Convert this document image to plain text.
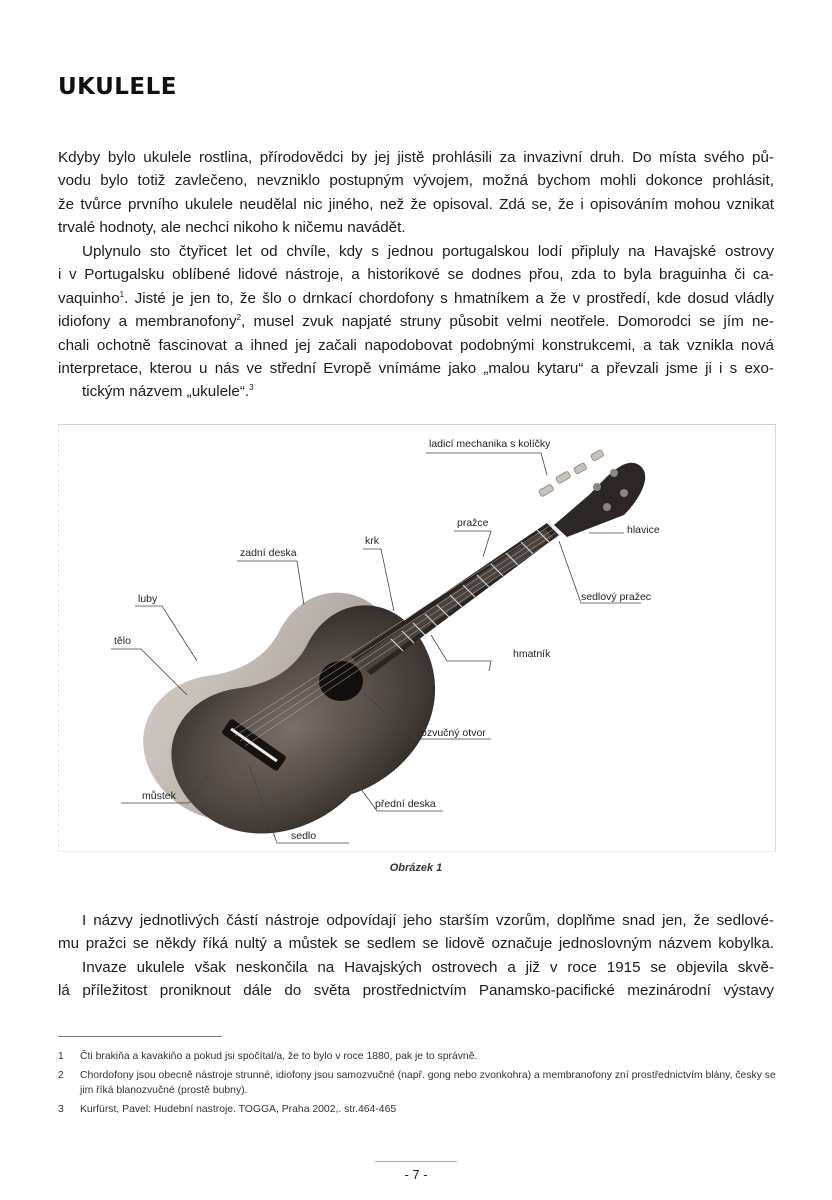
UKULELE

Kdyby bylo ukulele rostlina, přírodovědci by jej jistě prohlásili za invazivní druh. Do místa svého pů-
vodu bylo totiž zavlečeno, nevzniklo postupným vývojem, možná bychom mohli dokonce prohlásit,
že tvůrce prvního ukulele neudělal nic jiného, než že opisoval. Zdá se, že i opisováním mohou vznikat
trvalé hodnoty, ale nechci nikoho k ničemu navádět.

Uplynulo sto čtyřicet let od chvíle, kdy s jednou portugalskou lodí připluly na Havajské ostrovy
i v Portugalsku oblíbené lidové nástroje, a historikové se dodnes přou, zda to byla braguinha či ca-
vaquinho$^1$. Jisté je jen to, že šlo o drnkací chordofony s hmatníkem a že v prostředí, kde dosud vládly
idiofony a membranofony$^2$, musel zvuk napjaté struny působit velmi neotřele. Domorodci se jím ne-
chali ochotně fascinovat a ihned jej začali napodobovat podobnými konstrukcemi, a tak vznikla nová
interpretace, kterou u nás ve střední Evropě vnímáme jako „malou kytaru“ a převzali jsme ji i s exo-
tickým názvem „ukulele“.$^3$

ladicí mechanika s kolíčky
pražce
krk
hlavice
zadní deska
sedlový pražec
luby
tělo
hmatník
ozvučný otvor
můstek
přední deska
sedlo
Obrázek 1

I názvy jednotlivých částí nástroje odpovídají jeho starším vzorům, doplňme snad jen, že sedlové-
mu pražci se někdy říká nultý a můstek se sedlem se lidově označuje jednoslovným názvem kobylka.
Invaze ukulele však neskončila na Havajských ostrovech a již v roce 1915 se objevila skvě-
lá příležitost proniknout dále do světa prostřednictvím Panamsko-pacifické mezinárodní výstavy

1 Čti brakiňa a kavakiňo a pokud jsi spočítal/a, že to bylo v roce 1880, pak je to správně.
2 Chordofony jsou obecně nástroje strunné, idiofony jsou samozvučné (např. gong nebo zvonkohra) a membranofony zní prostřednictvím blány, česky se jim říká blanozvučné (prostě bubny).
3 Kurfürst, Pavel: Hudební nastroje. TOGGA, Praha 2002,. str.464-465
- 7 -
